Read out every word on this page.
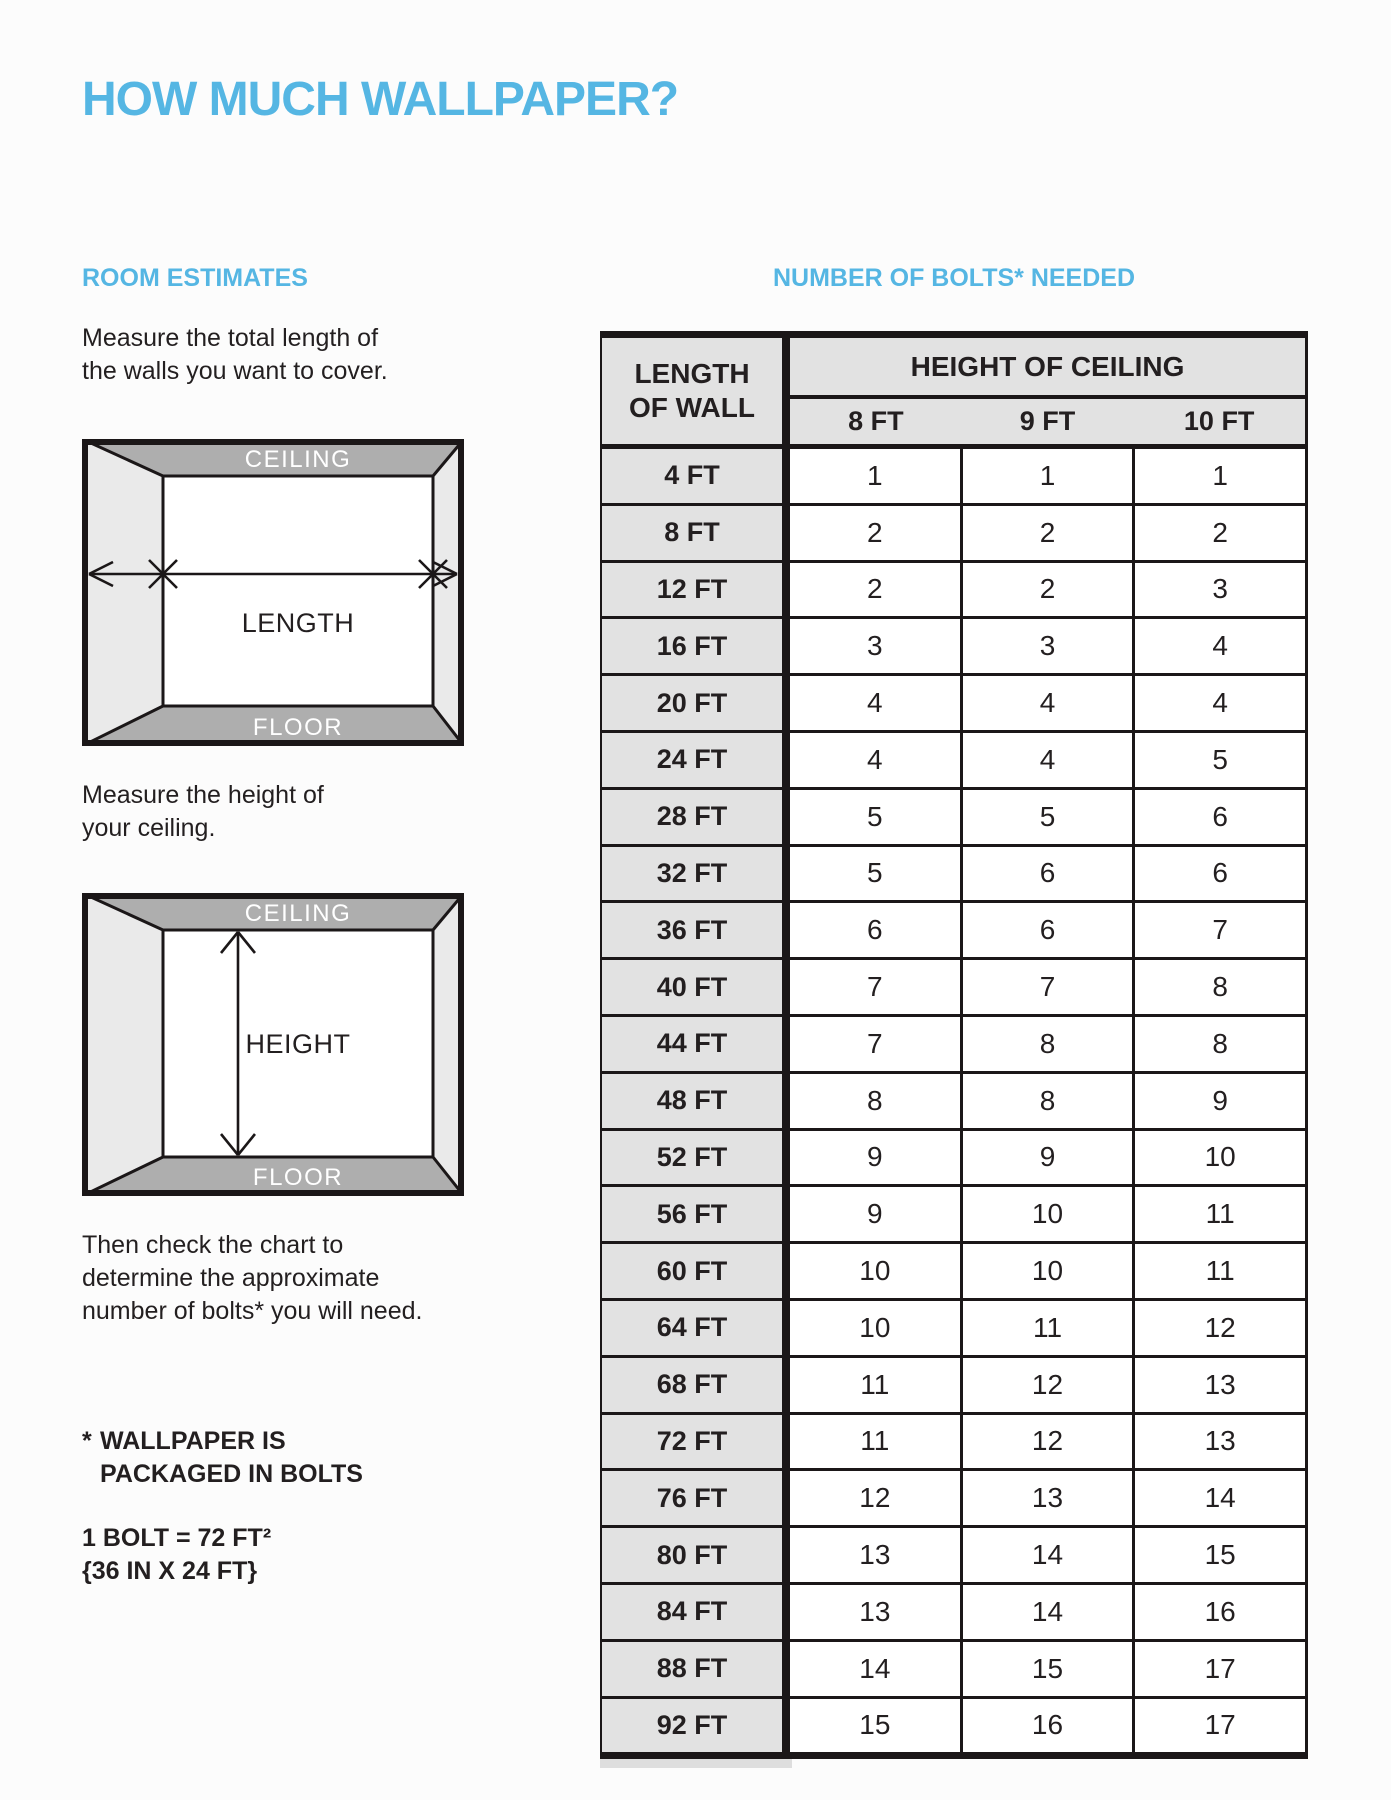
HOW MUCH WALLPAPER?
ROOM ESTIMATES

Measure the total length of
the walls you want to cover.

CEILING
FLOOR
LENGTH

Measure the height of
your ceiling.

CEILING
FLOOR
HEIGHT

Then check the chart to
determine the approximate
number of bolts* you will need.

* WALLPAPER IS
PACKAGED IN BOLTS

1 BOLT = 72 FT²
{36 IN X 24 FT}

NUMBER OF BOLTS* NEEDED
LENGTH
OF WALL
HEIGHT OF CEILING
8 FT	9 FT	10 FT
4 FT	1	1	1
8 FT	2	2	2
12 FT	2	2	3
16 FT	3	3	4
20 FT	4	4	4
24 FT	4	4	5
28 FT	5	5	6
32 FT	5	6	6
36 FT	6	6	7
40 FT	7	7	8
44 FT	7	8	8
48 FT	8	8	9
52 FT	9	9	10
56 FT	9	10	11
60 FT	10	10	11
64 FT	10	11	12
68 FT	11	12	13
72 FT	11	12	13
76 FT	12	13	14
80 FT	13	14	15
84 FT	13	14	16
88 FT	14	15	17
92 FT	15	16	17
